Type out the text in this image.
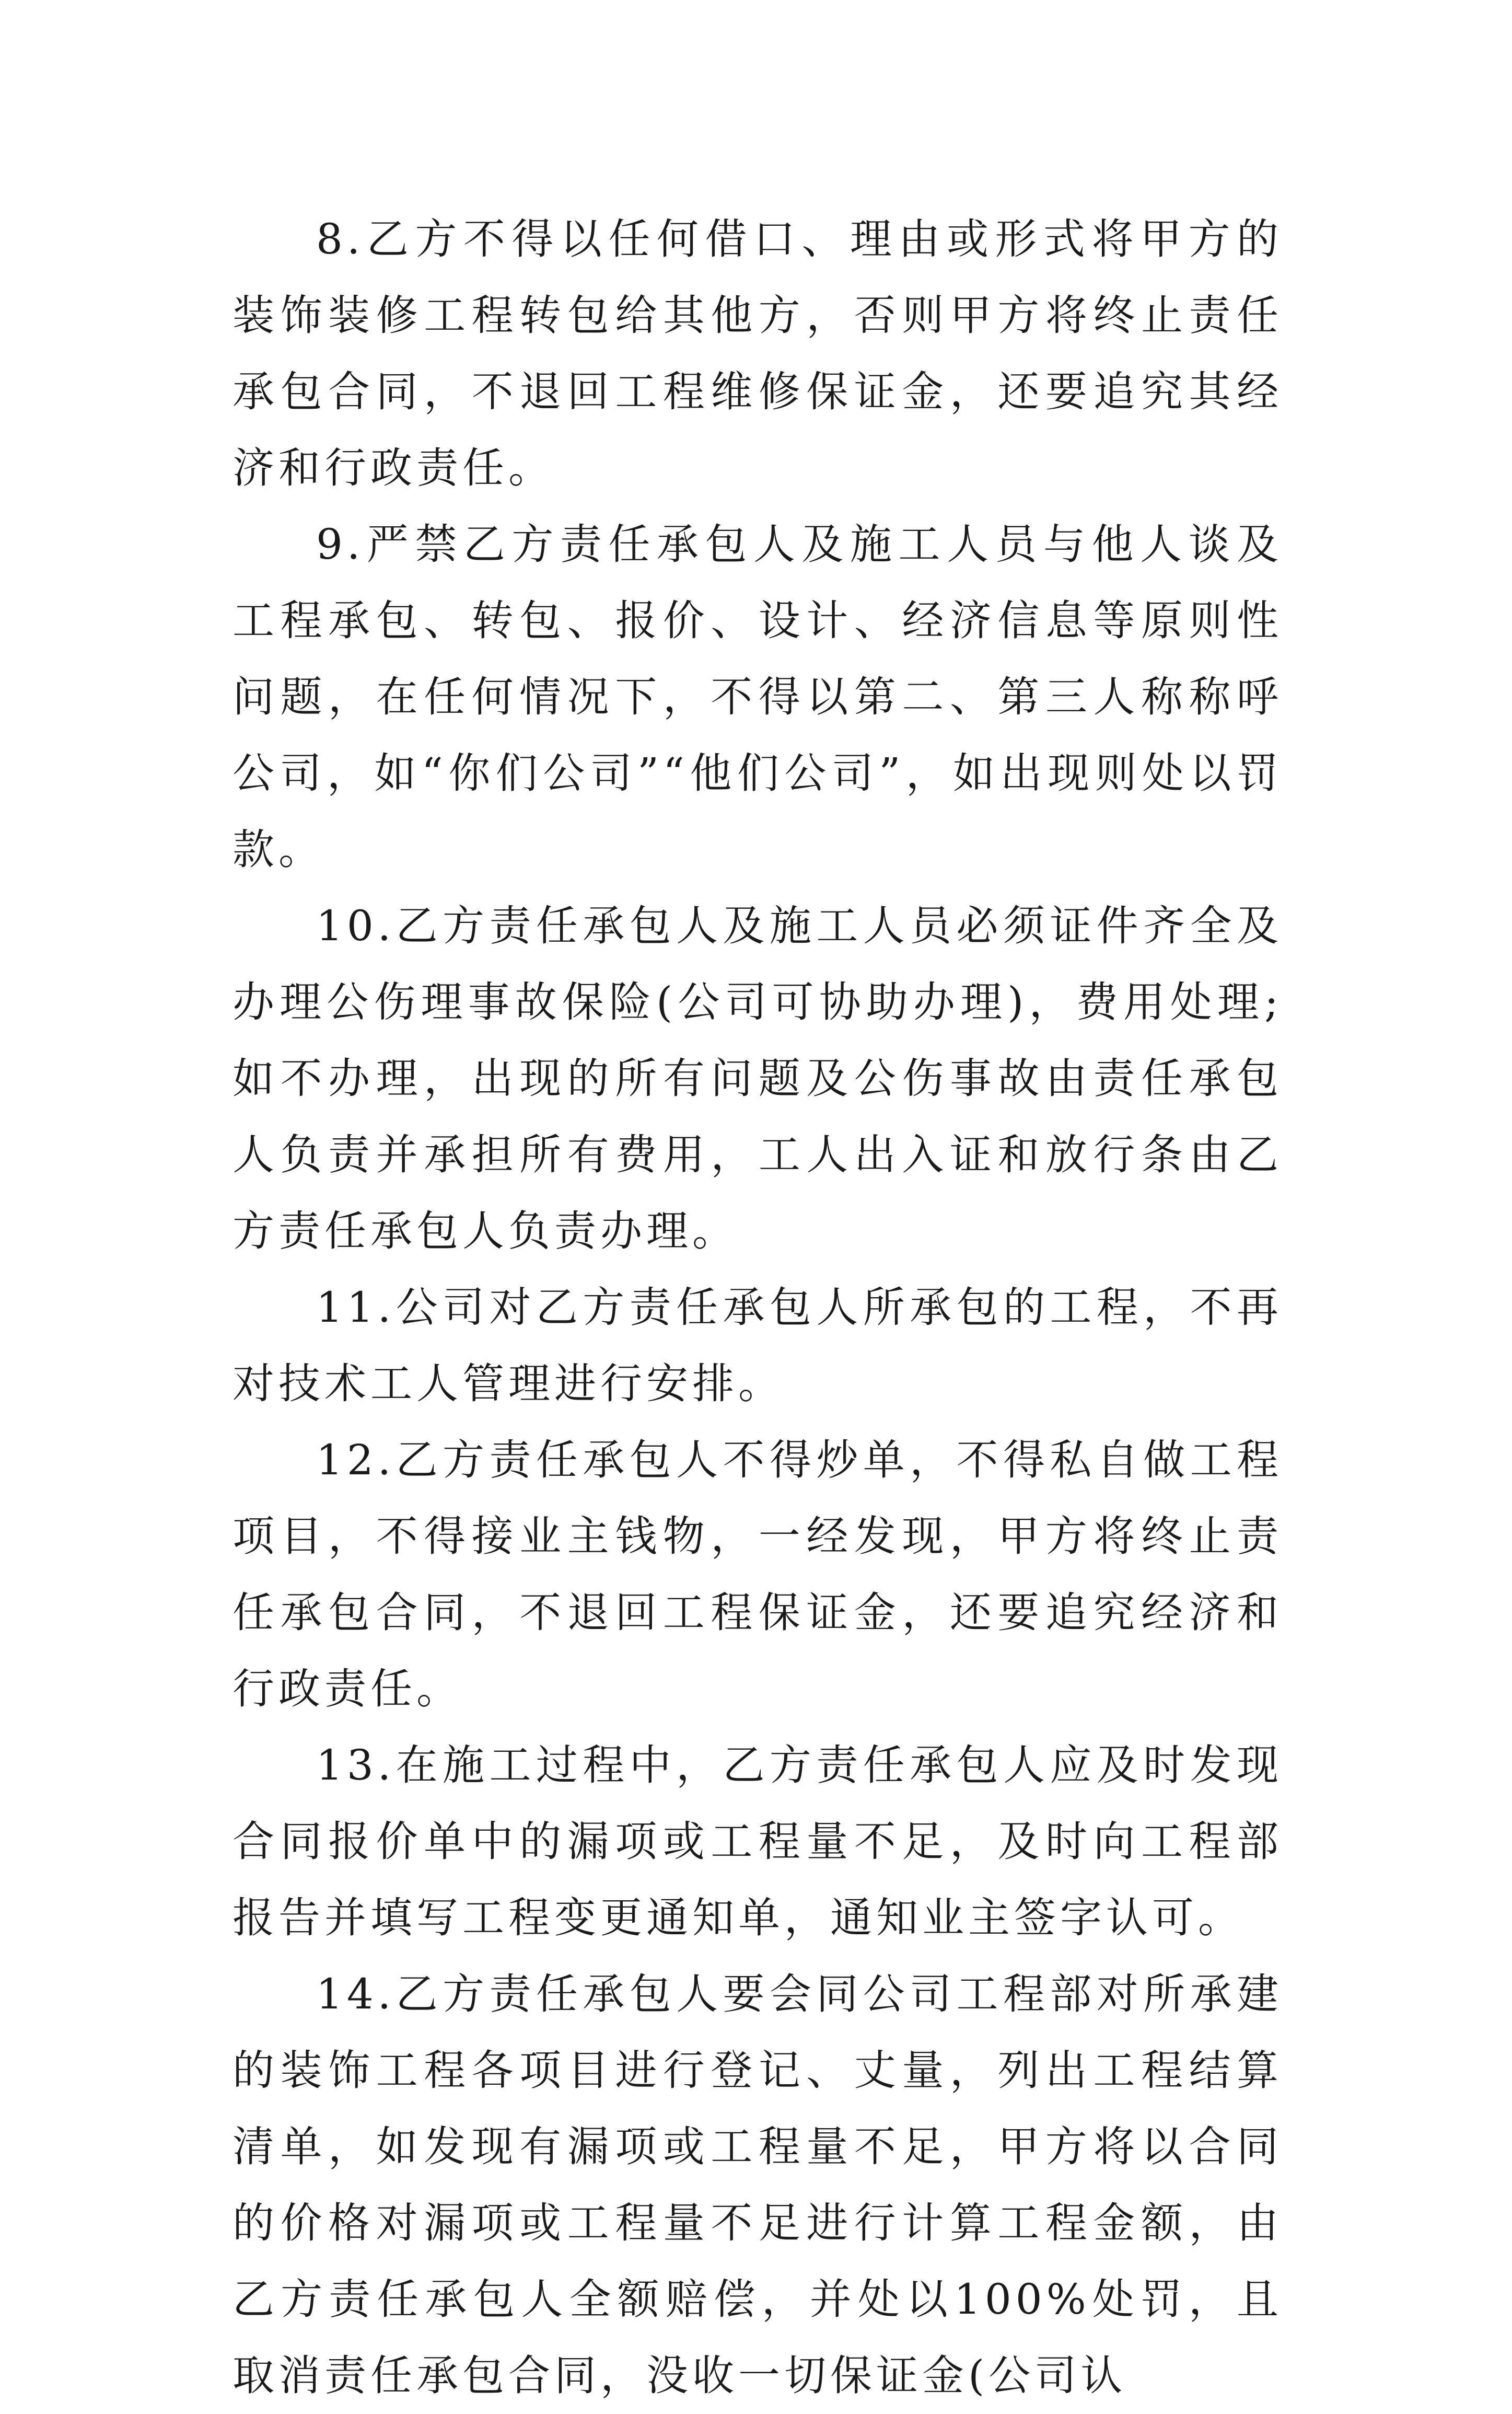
8.乙方不得以任何借口、理由或形式将甲方的装饰装修工程转包给其他方，否则甲方将终止责任承包合同，不退回工程维修保证金，还要追究其经济和行政责任。

9.严禁乙方责任承包人及施工人员与他人谈及工程承包、转包、报价、设计、经济信息等原则性问题，在任何情况下，不得以第二、第三人称称呼公司，如“你们公司”“他们公司”，如出现则处以罚款。

10.乙方责任承包人及施工人员必须证件齐全及办理公伤理事故保险(公司可协助办理)，费用处理;如不办理，出现的所有问题及公伤事故由责任承包人负责并承担所有费用，工人出入证和放行条由乙方责任承包人负责办理。

11.公司对乙方责任承包人所承包的工程，不再对技术工人管理进行安排。

12.乙方责任承包人不得炒单，不得私自做工程项目，不得接业主钱物，一经发现，甲方将终止责任承包合同，不退回工程保证金，还要追究经济和行政责任。

13.在施工过程中，乙方责任承包人应及时发现合同报价单中的漏项或工程量不足，及时向工程部报告并填写工程变更通知单，通知业主签字认可。

14.乙方责任承包人要会同公司工程部对所承建的装饰工程各项目进行登记、丈量，列出工程结算清单，如发现有漏项或工程量不足，甲方将以合同的价格对漏项或工程量不足进行计算工程金额，由乙方责任承包人全额赔偿，并处以100%处罚，且取消责任承包合同，没收一切保证金(公司认
